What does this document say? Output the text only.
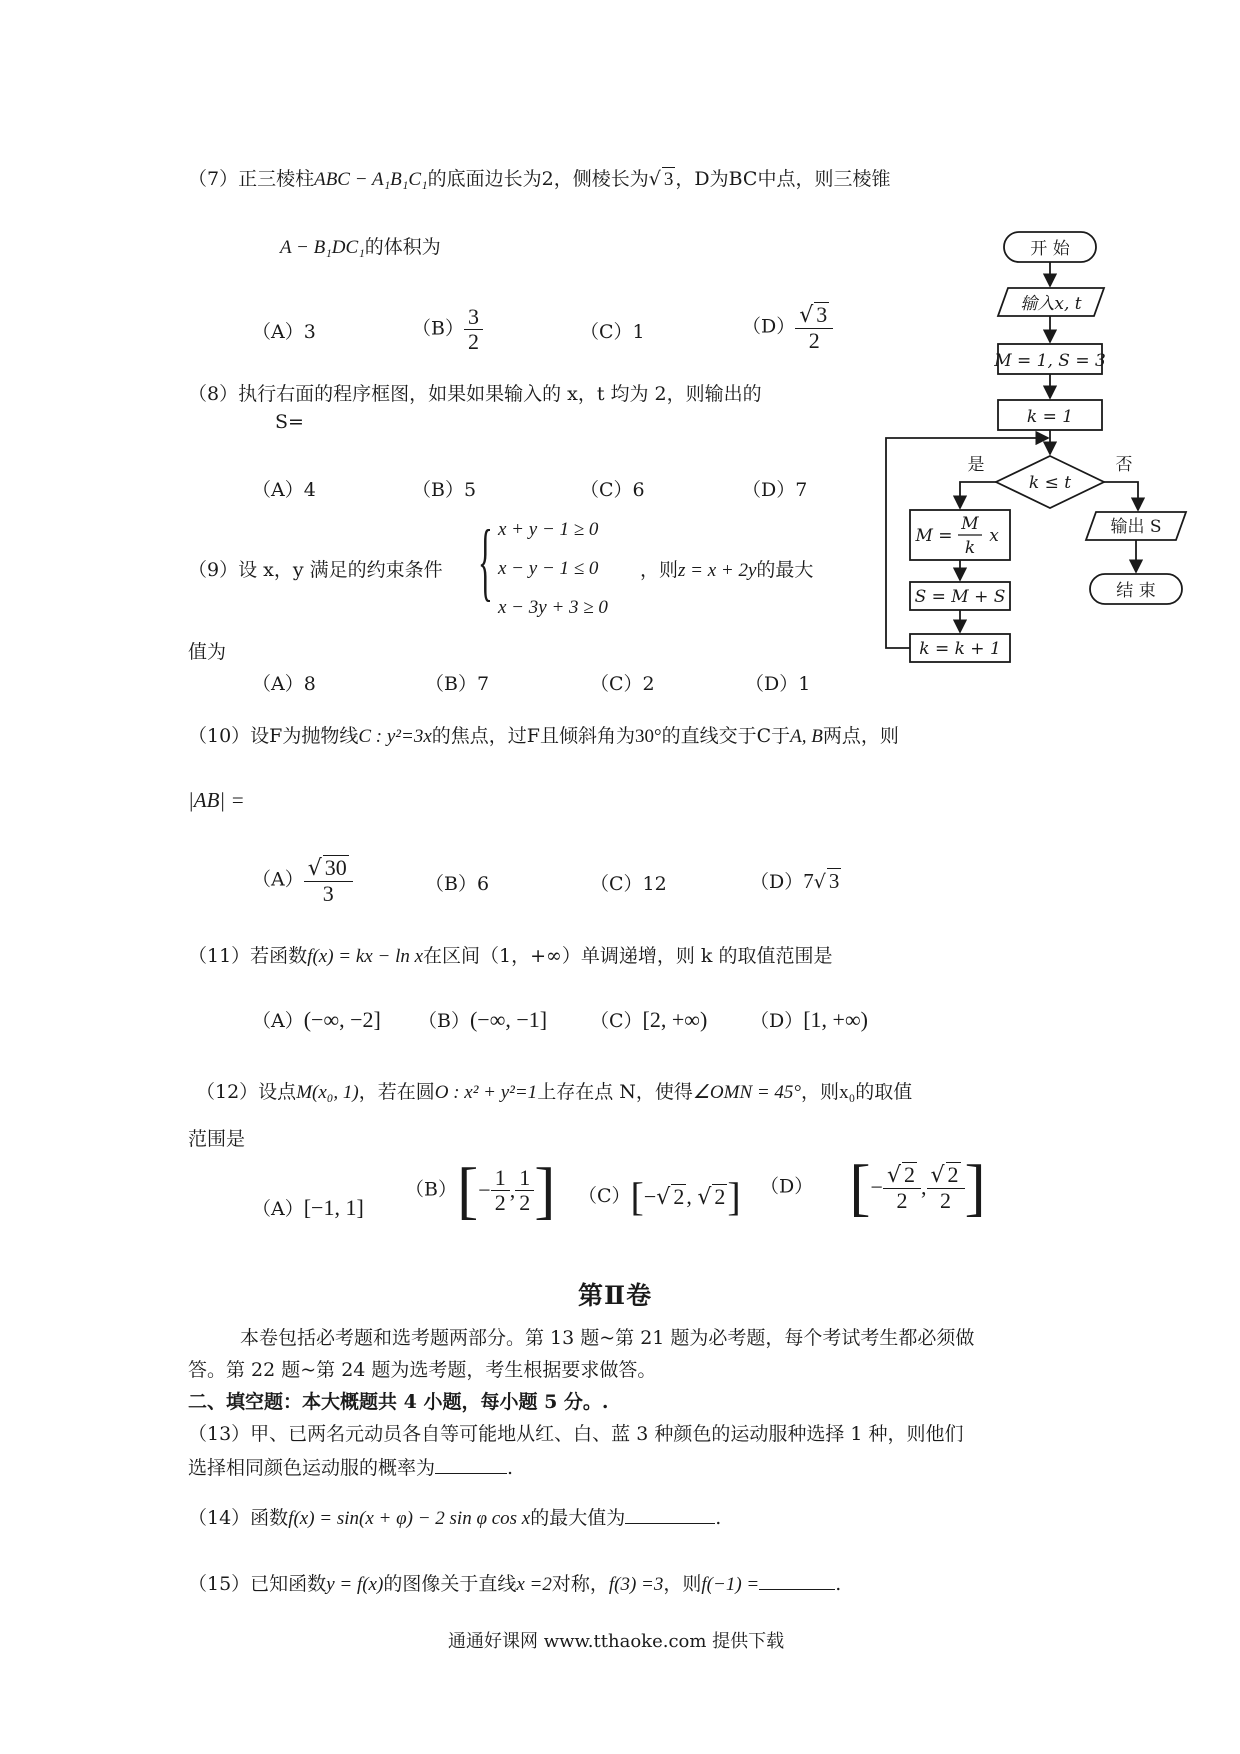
（7）正三棱柱ABC − A₁B₁C₁的底面边长为2，侧棱长为√ 3 ，D为BC中点，则三棱锥
A − B₁DC₁的体积为
（A）3	$(B) \frac{3}{2}$	（C）1	$(D) \frac{√ 3}{2}$
（8）执行右面的程序框图，如果如果输入的 x，t 均为 2，则输出的
S=
（A）4	（B）5	（C）6	（D）7
（9）设 x，y 满足的约束条件 { x + y − 1 ≥ 0
x − y − 1 ≤ 0
x − 3y + 3 ≥ 0
，则z = x + 2y的最大
值为
（A）8	（B）7	（C）2	（D）1
（10）设F为抛物线C : y²=3x的焦点，过F且倾斜角为30°的直线交于C于A, B两点，则
|AB| =
$(A) \frac{√ 30}{3}$	（B）6	（C）12	（D）7√ 3
（11）若函数f(x) = kx − ln x在区间（1，+∞）单调递增，则 k 的取值范围是
（A）(−∞, −2] （B）(−∞, −1] （C）[2, +∞) （D）[1, +∞)
（12）设点M(x₀, 1)，若在圆O : x² + y²=1上存在点 N，使得∠OMN = 45°，则x₀的取值
范围是
（A）[−1, 1]
$(B)[- \frac{1}{2}$ , $\frac{1}{2}$ ] （C）[−√ 2, √ 2] （D） [− $\frac{√ 2}{2}$ , $\frac{√ 2}{2}$ ]
第Ⅱ卷
本卷包括必考题和选考题两部分。第 13 题~第 21 题为必考题，每个考试考生都必须做
答。第 22 题~第 24 题为选考题，考生根据要求做答。
二、填空题：本大概题共 4 小题，每小题 5 分。.
（13）甲、已两名元动员各自等可能地从红、白、蓝 3 种颜色的运动服种选择 1 种，则他们
选择相同颜色运动服的概率为	.
（14）函数f(x) = sin(x + φ) − 2 sin φ cos x的最大值为	.
（15）已知函数y = f(x)的图像关于直线x =2对称，f(3) =3，则f(−1) =	.
通通好课网 www.tthaoke.com 提供下载
开 始
输入x, t
M = 1, S = 3
k = 1
k ≤ t
是	否
M =
M
k
x
S = M + S
k = k + 1
输出 S
结 束
